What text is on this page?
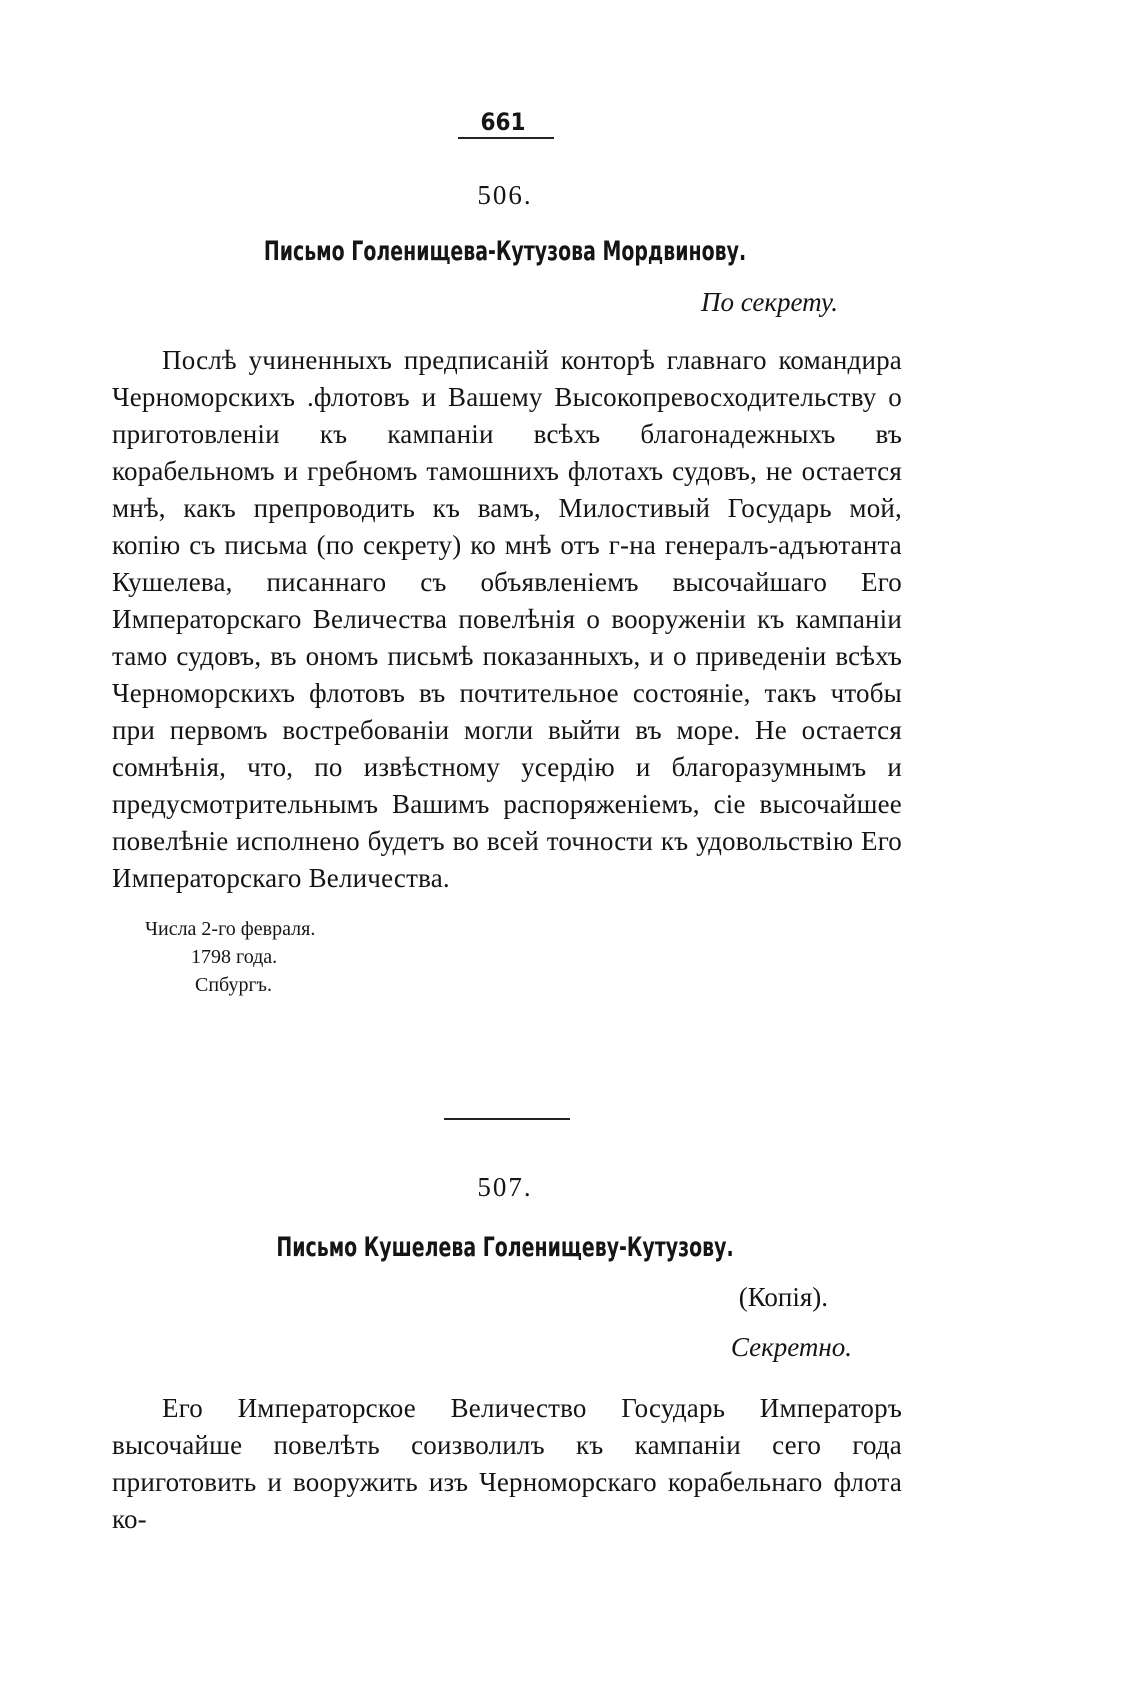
661
506.
Письмо Голенищева-Кутузова Мордвинову.
По секрету.

Послѣ учиненныхъ предписаній конторѣ главнаго командира Черноморскихъ .флотовъ и Вашему Высокопревосходительству о приготовленіи къ кампаніи всѣхъ благонадежныхъ въ корабельномъ и гребномъ тамошнихъ флотахъ судовъ, не остается мнѣ, какъ препроводить къ вамъ, Милостивый Государь мой, копію съ письма (по секрету) ко мнѣ отъ г-на генералъ-адъютанта Кушелева, писаннаго съ объявленіемъ высочайшаго Его Императорскаго Величества повелѣнія о вооруженіи къ кампаніи тамо судовъ, въ ономъ письмѣ показанныхъ, и о приведеніи всѣхъ Черноморскихъ флотовъ въ почтительное состояніе, такъ чтобы при первомъ востребованіи могли выйти въ море. Не остается сомнѣнія, что, по извѣстному усердію и благоразумнымъ и предусмотрительнымъ Вашимъ распоряженіемъ, сіе высочайшее повелѣніе исполнено будетъ во всей точности къ удовольствію Его Императорскаго Величества.

Числа 2-го февраля.
1798 года.
Спбургъ.
507.
Письмо Кушелева Голенищеву-Кутузову.
(Копія).
Секретно.

Его Императорское Величество Государь Императоръ высочайше повелѣть соизволилъ къ кампаніи сего года приготовить и вооружить изъ Черноморскаго корабельнаго флота ко-
